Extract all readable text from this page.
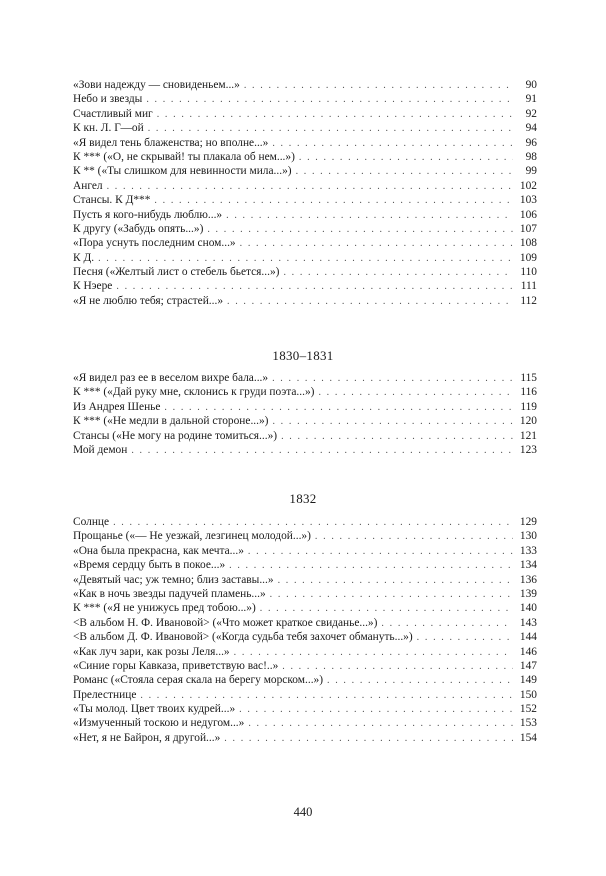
«Зови надежду — сновиденьем...» . . .	90
Небо и звезды . . .	91
Счастливый миг . . .	92
К кн. Л. Г—ой . . .	94
«Я видел тень блаженства; но вполне...» . . .	96
К *** («О, не скрывай! ты плакала об нем...») . . .	98
К ** («Ты слишком для невинности мила...») . . .	99
Ангел . . .	102
Стансы. К Д*** . . .	103
Пусть я кого-нибудь люблю...» . . .	106
К другу («Забудь опять...») . . .	107
«Пора уснуть последним сном...» . . .	108
К Д. . . .	109
Песня («Желтый лист о стебель бьется...») . . .	110
К Нэере . . .	111
«Я не люблю тебя; страстей...» . . .	112
1830–1831
«Я видел раз ее в веселом вихре бала...» . . .	115
К *** («Дай руку мне, склонись к груди поэта...») . . .	116
Из Андрея Шенье . . .	119
К *** («Не медли в дальной стороне...») . . .	120
Стансы («Не могу на родине томиться...») . . .	121
Мой демон . . .	123
1832
Солнце . . .	129
Прощанье («— Не уезжай, лезгинец молодой...») . . .	130
«Она была прекрасна, как мечта...» . . .	133
«Время сердцу быть в покое...» . . .	134
«Девятый час; уж темно; близ заставы...» . . .	136
«Как в ночь звезды падучей пламень...» . . .	139
К *** («Я не унижусь пред тобою...») . . .	140
<В альбом Н. Ф. Ивановой> («Что может краткое свиданье...») . . .	143
<В альбом Д. Ф. Ивановой> («Когда судьба тебя захочет обмануть...») . . .	144
«Как луч зари, как розы Леля...» . . .	146
«Синие горы Кавказа, приветствую вас!..» . . .	147
Романс («Стояла серая скала на берегу морском...») . . .	149
Прелестнице . . .	150
«Ты молод. Цвет твоих кудрей...» . . .	152
«Измученный тоскою и недугом...» . . .	153
«Нет, я не Байрон, я другой...» . . .	154
440
